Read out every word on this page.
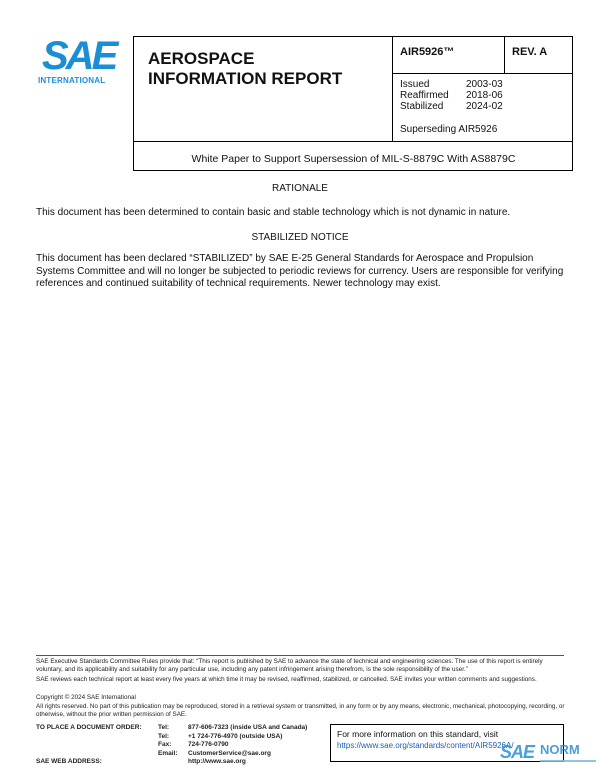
SAE
INTERNATIONAL
AEROSPACE
INFORMATION REPORT
AIR5926™	REV. A
Issued	2003-03
Reaffirmed 2018-06
Stabilized 2024-02
Superseding AIR5926
White Paper to Support Supersession of MIL-S-8879C With AS8879C
RATIONALE
This document has been determined to contain basic and stable technology which is not dynamic in nature.
STABILIZED NOTICE
This document has been declared “STABILIZED” by SAE E-25 General Standards for Aerospace and Propulsion Systems Committee and will no longer be subjected to periodic reviews for currency. Users are responsible for verifying references and continued suitability of technical requirements. Newer technology may exist.
SAE Executive Standards Committee Rules provide that: “This report is published by SAE to advance the state of technical and engineering sciences. The use of this report is entirely voluntary, and its applicability and suitability for any particular use, including any patent infringement arising therefrom, is the sole responsibility of the user.”
SAE reviews each technical report at least every five years at which time it may be revised, reaffirmed, stabilized, or cancelled. SAE invites your written comments and suggestions.
Copyright © 2024 SAE International
All rights reserved. No part of this publication may be reproduced, stored in a retrieval system or transmitted, in any form or by any means, electronic, mechanical, photocopying, recording, or otherwise, without the prior written permission of SAE.
TO PLACE A DOCUMENT ORDER:	Tel:	877-606-7323 (inside USA and Canada)
Tel:	+1 724-776-4970 (outside USA)
Fax:	724-776-0790
Email:	CustomerService@sae.org
SAE WEB ADDRESS:	http://www.sae.org
For more information on this standard, visit
https://www.sae.org/standards/content/AIR5926A/
SAE NORM
